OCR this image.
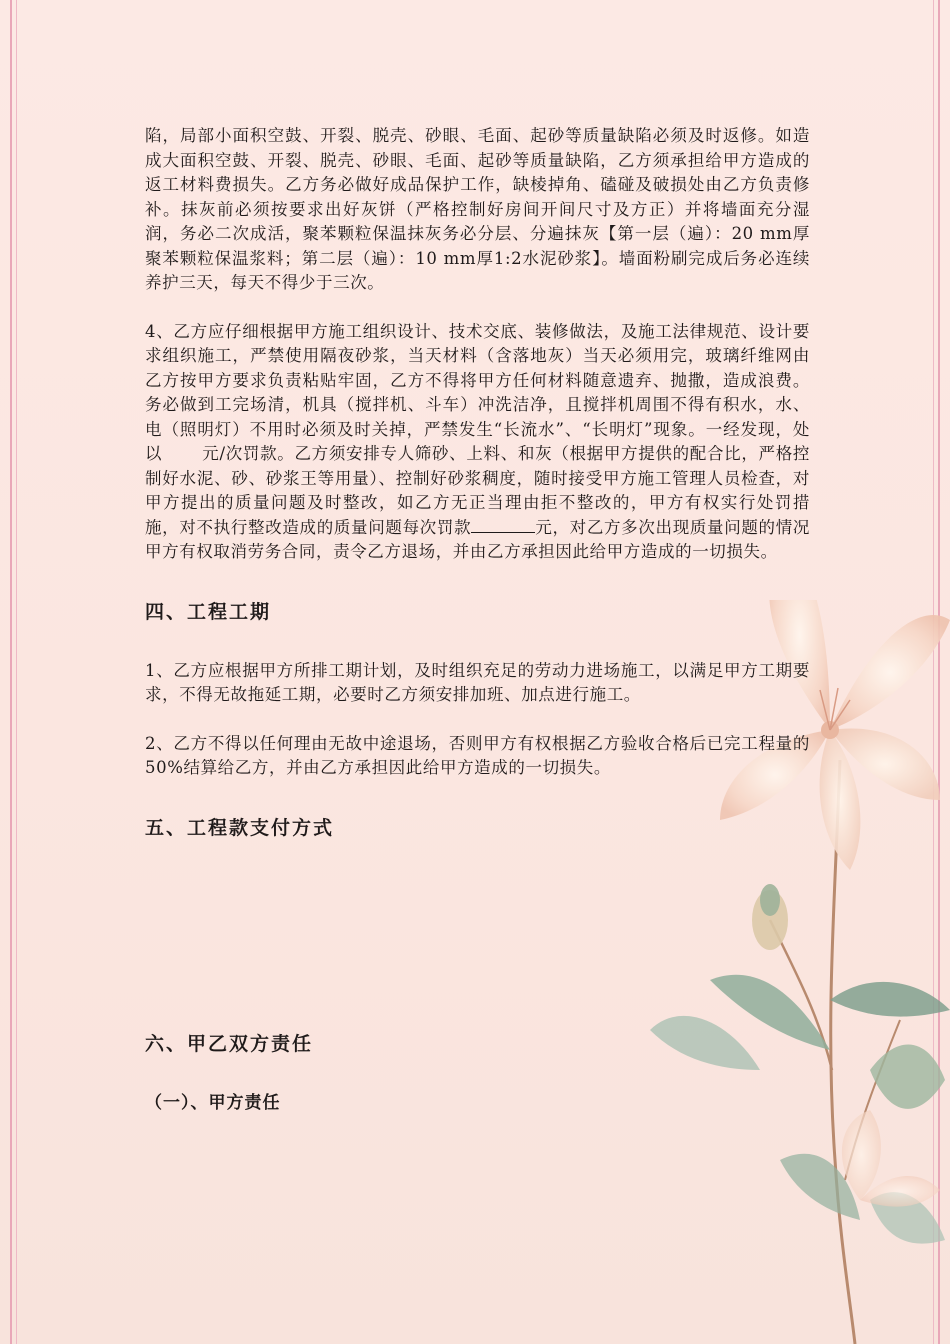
陷，局部小面积空鼓、开裂、脱壳、砂眼、毛面、起砂等质量缺陷必须及时返修。如造成大面积空鼓、开裂、脱壳、砂眼、毛面、起砂等质量缺陷，乙方须承担给甲方造成的返工材料费损失。乙方务必做好成品保护工作，缺棱掉角、磕碰及破损处由乙方负责修补。抹灰前必须按要求出好灰饼（严格控制好房间开间尺寸及方正）并将墙面充分湿润，务必二次成活，聚苯颗粒保温抹灰务必分层、分遍抹灰【第一层（遍）：20 mm厚聚苯颗粒保温浆料；第二层（遍）：10 mm厚1:2水泥砂浆】。墙面粉刷完成后务必连续养护三天，每天不得少于三次。

4、乙方应仔细根据甲方施工组织设计、技术交底、装修做法，及施工法律规范、设计要求组织施工，严禁使用隔夜砂浆，当天材料（含落地灰）当天必须用完，玻璃纤维网由乙方按甲方要求负责粘贴牢固，乙方不得将甲方任何材料随意遗弃、抛撒，造成浪费。务必做到工完场清，机具（搅拌机、斗车）冲洗洁净，且搅拌机周围不得有积水，水、电（照明灯）不用时必须及时关掉，严禁发生“长流水”、“长明灯”现象。一经发现，处以 元/次罚款。乙方须安排专人筛砂、上料、和灰（根据甲方提供的配合比，严格控制好水泥、砂、砂浆王等用量）、控制好砂浆稠度，随时接受甲方施工管理人员检查，对甲方提出的质量问题及时整改，如乙方无正当理由拒不整改的，甲方有权实行处罚措施，对不执行整改造成的质量问题每次罚款	元，对乙方多次出现质量问题的情况甲方有权取消劳务合同，责令乙方退场，并由乙方承担因此给甲方造成的一切损失。

四、工程工期

1、乙方应根据甲方所排工期计划，及时组织充足的劳动力进场施工，以满足甲方工期要求，不得无故拖延工期，必要时乙方须安排加班、加点进行施工。

2、乙方不得以任何理由无故中途退场，否则甲方有权根据乙方验收合格后已完工程量的50%结算给乙方，并由乙方承担因此给甲方造成的一切损失。

五、工程款支付方式
六、甲乙双方责任
（一）、甲方责任
